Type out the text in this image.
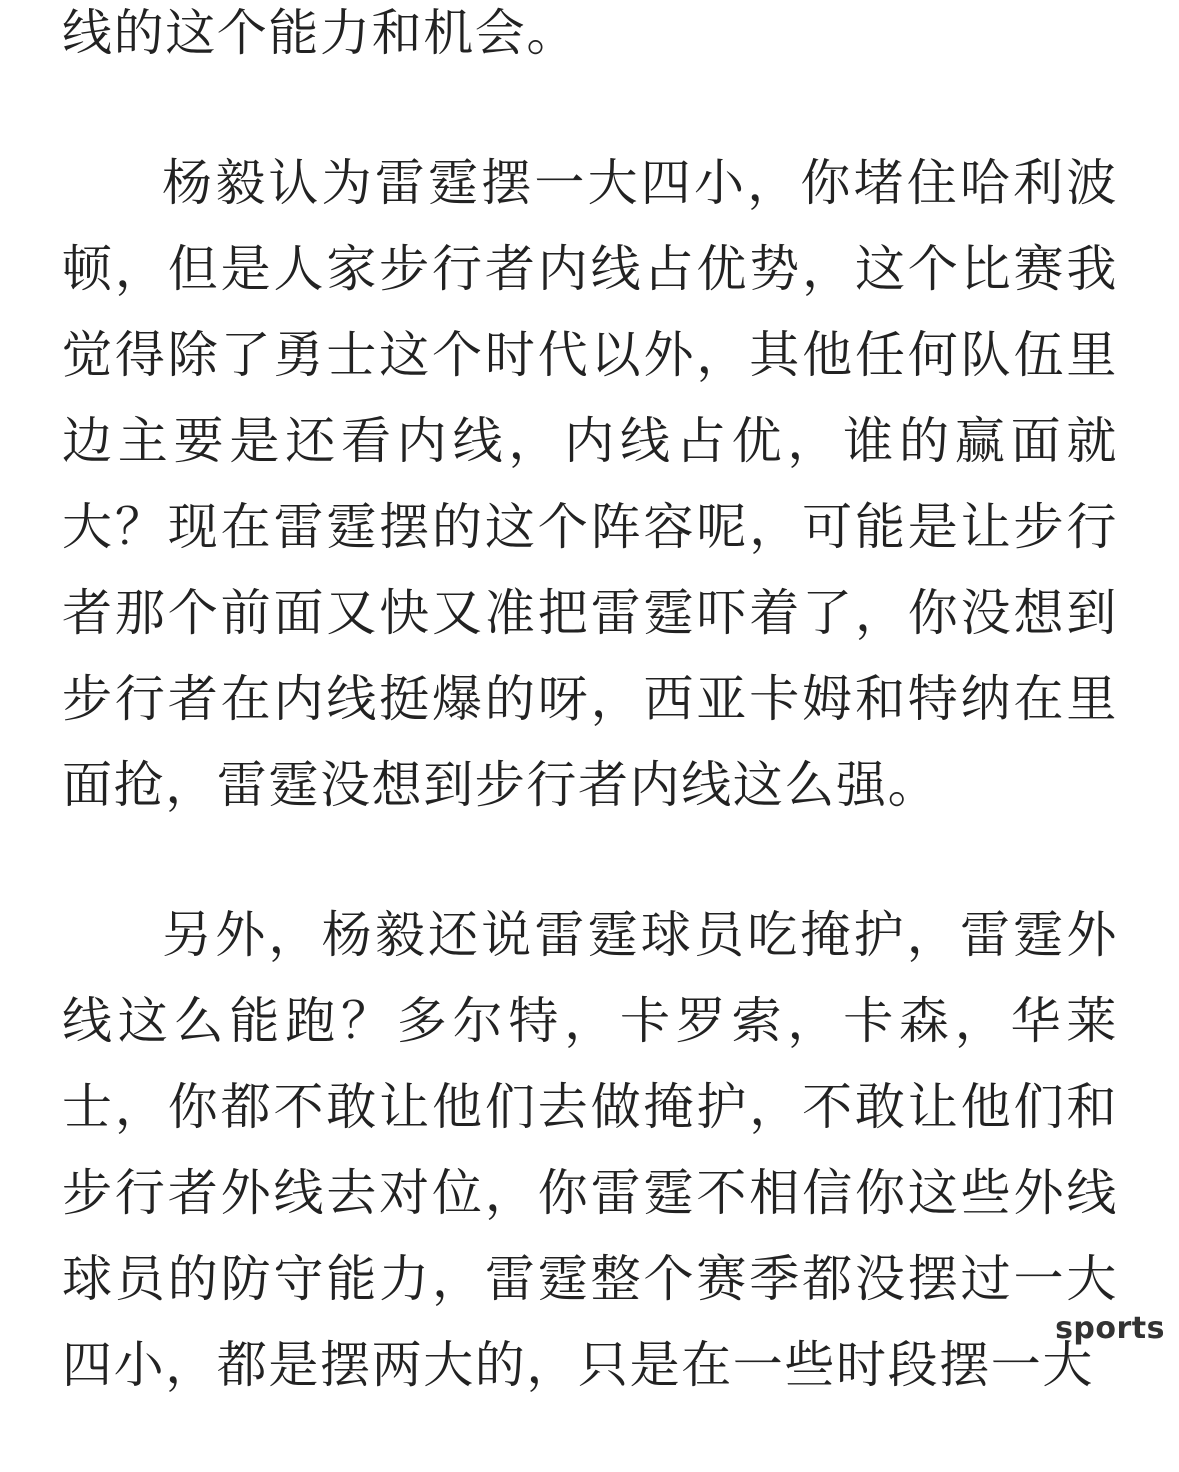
线的这个能力和机会。

杨毅认为雷霆摆一大四小，你堵住哈利波顿，但是人家步行者内线占优势，这个比赛我觉得除了勇士这个时代以外，其他任何队伍里边主要是还看内线，内线占优，谁的赢面就大？现在雷霆摆的这个阵容呢，可能是让步行者那个前面又快又准把雷霆吓着了，你没想到步行者在内线挺爆的呀，西亚卡姆和特纳在里面抢，雷霆没想到步行者内线这么强。

另外，杨毅还说雷霆球员吃掩护，雷霆外线这么能跑？多尔特，卡罗索，卡森，华莱士，你都不敢让他们去做掩护，不敢让他们和步行者外线去对位，你雷霆不相信你这些外线球员的防守能力，雷霆整个赛季都没摆过一大四小，都是摆两大的，只是在一些时段摆一大

sports
